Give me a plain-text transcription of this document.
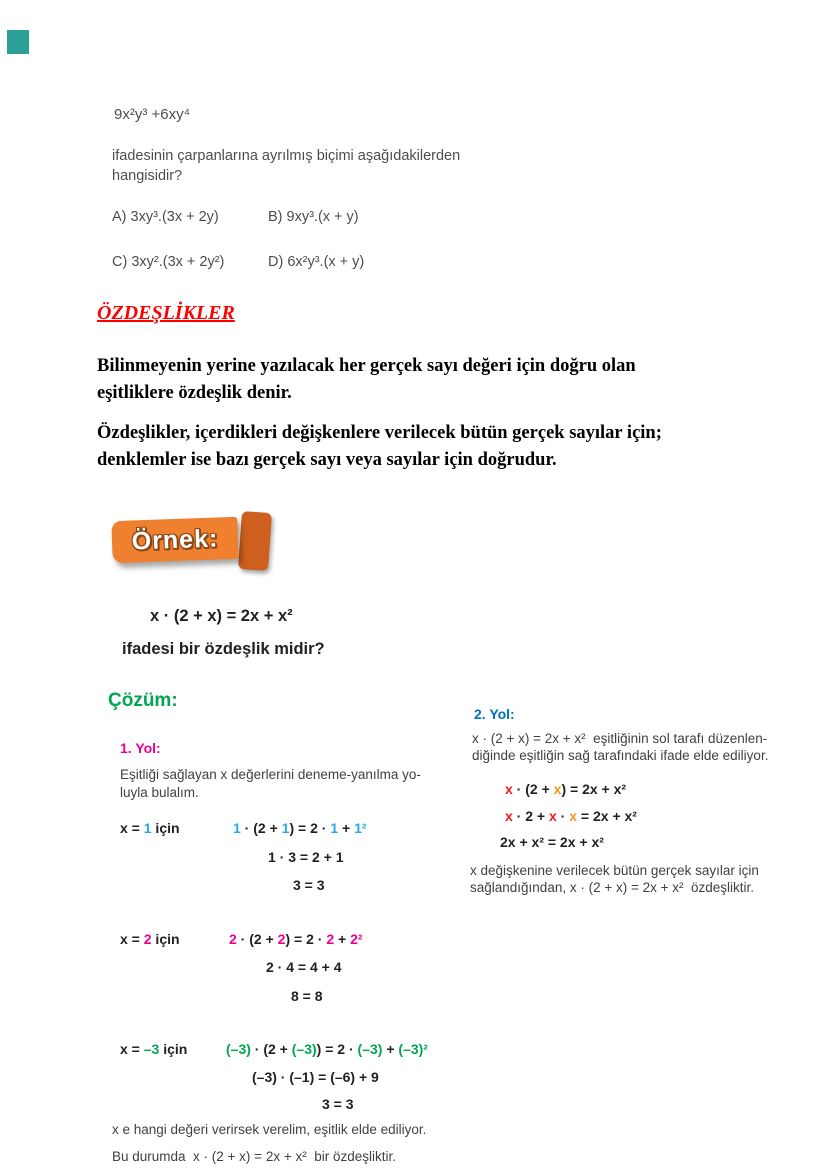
9x²y³ +6xy⁴
ifadesinin çarpanlarına ayrılmış biçimi aşağıdakilerden
hangisidir?
A) 3xy³.(3x + 2y)	B) 9xy³.(x + y)
C) 3xy².(3x + 2y²)	D) 6x²y³.(x + y)
ÖZDEŞLİKLER
Bilinmeyenin yerine yazılacak her gerçek sayı değeri için doğru olan
eşitliklere özdeşlik denir.
Özdeşlikler, içerdikleri değişkenlere verilecek bütün gerçek sayılar için;
denklemler ise bazı gerçek sayı veya sayılar için doğrudur.
Örnek:
x · (2 + x) = 2x + x²
ifadesi bir özdeşlik midir?
Çözüm:
1. Yol:
Eşitliği sağlayan x değerlerini deneme-yanılma yo-
luyla bulalım.
x = 1 için	1 · (2 + 1) = 2 · 1 + 1²
1 · 3 = 2 + 1
3 = 3
x = 2 için	2 · (2 + 2) = 2 · 2 + 2²
2 · 4 = 4 + 4
8 = 8
x = –3 için	(–3) · (2 + (–3)) = 2 · (–3) + (–3)²
(–3) · (–1) = (–6) + 9
3 = 3
x e hangi değeri verirsek verelim, eşitlik elde ediliyor.
Bu durumda  x · (2 + x) = 2x + x²  bir özdeşliktir.
2. Yol:
x · (2 + x) = 2x + x²  eşitliğinin sol tarafı düzenlen-
diğinde eşitliğin sağ tarafındaki ifade elde ediliyor.
x · (2 + x) = 2x + x²
x · 2 + x · x = 2x + x²
2x + x² = 2x + x²
x değişkenine verilecek bütün gerçek sayılar için
sağlandığından, x · (2 + x) = 2x + x²  özdeşliktir.
